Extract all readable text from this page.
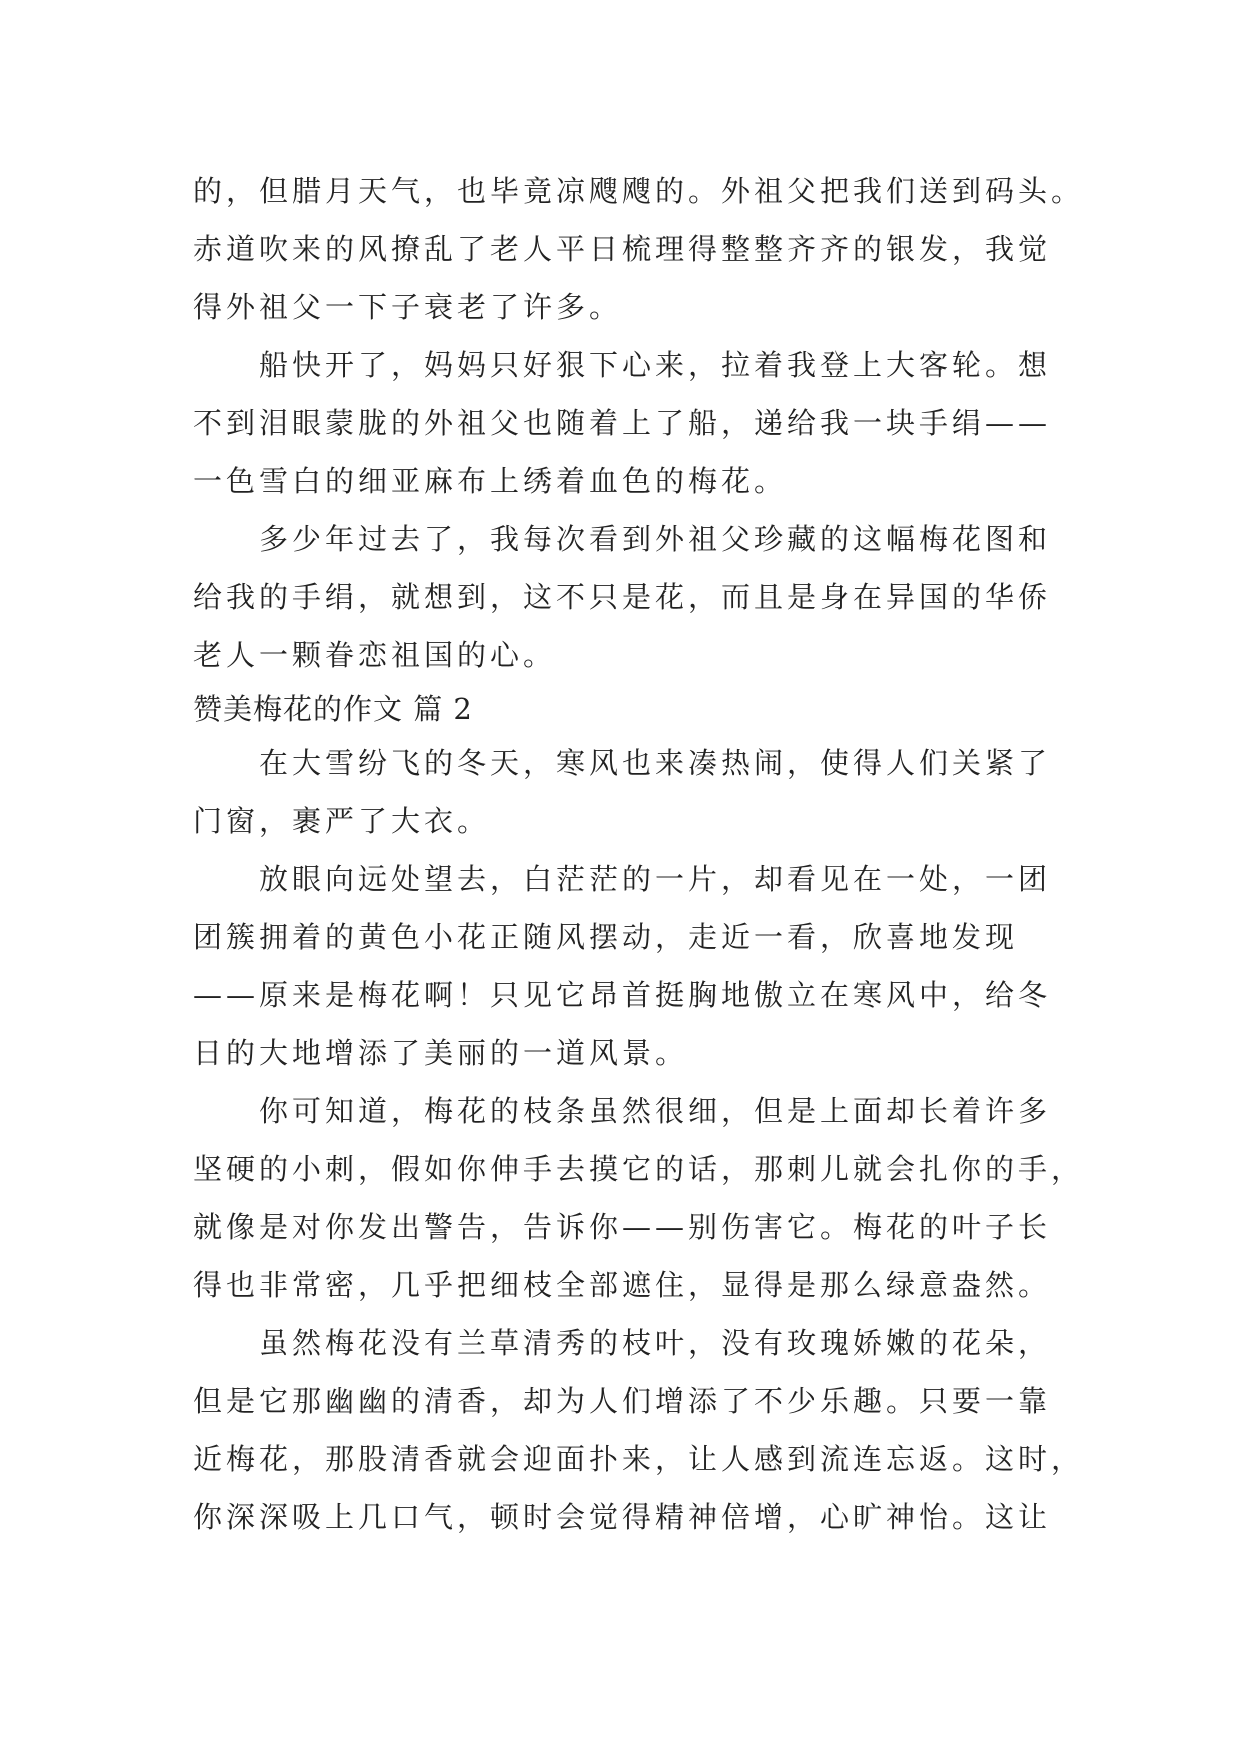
的，但腊月天气，也毕竟凉飕飕的。外祖父把我们送到码头。
赤道吹来的风撩乱了老人平日梳理得整整齐齐的银发，我觉
得外祖父一下子衰老了许多。
　　船快开了，妈妈只好狠下心来，拉着我登上大客轮。想
不到泪眼蒙胧的外祖父也随着上了船，递给我一块手绢——
一色雪白的细亚麻布上绣着血色的梅花。
　　多少年过去了，我每次看到外祖父珍藏的这幅梅花图和
给我的手绢，就想到，这不只是花，而且是身在异国的华侨
老人一颗眷恋祖国的心。
赞美梅花的作文 篇 2
　　在大雪纷飞的冬天，寒风也来凑热闹，使得人们关紧了
门窗，裹严了大衣。
　　放眼向远处望去，白茫茫的一片，却看见在一处，一团
团簇拥着的黄色小花正随风摆动，走近一看，欣喜地发现
——原来是梅花啊！只见它昂首挺胸地傲立在寒风中，给冬
日的大地增添了美丽的一道风景。
　　你可知道，梅花的枝条虽然很细，但是上面却长着许多
坚硬的小刺，假如你伸手去摸它的话，那刺儿就会扎你的手，
就像是对你发出警告，告诉你——别伤害它。梅花的叶子长
得也非常密，几乎把细枝全部遮住，显得是那么绿意盎然。
　　虽然梅花没有兰草清秀的枝叶，没有玫瑰娇嫩的花朵，
但是它那幽幽的清香，却为人们增添了不少乐趣。只要一靠
近梅花，那股清香就会迎面扑来，让人感到流连忘返。这时，
你深深吸上几口气，顿时会觉得精神倍增，心旷神怡。这让
